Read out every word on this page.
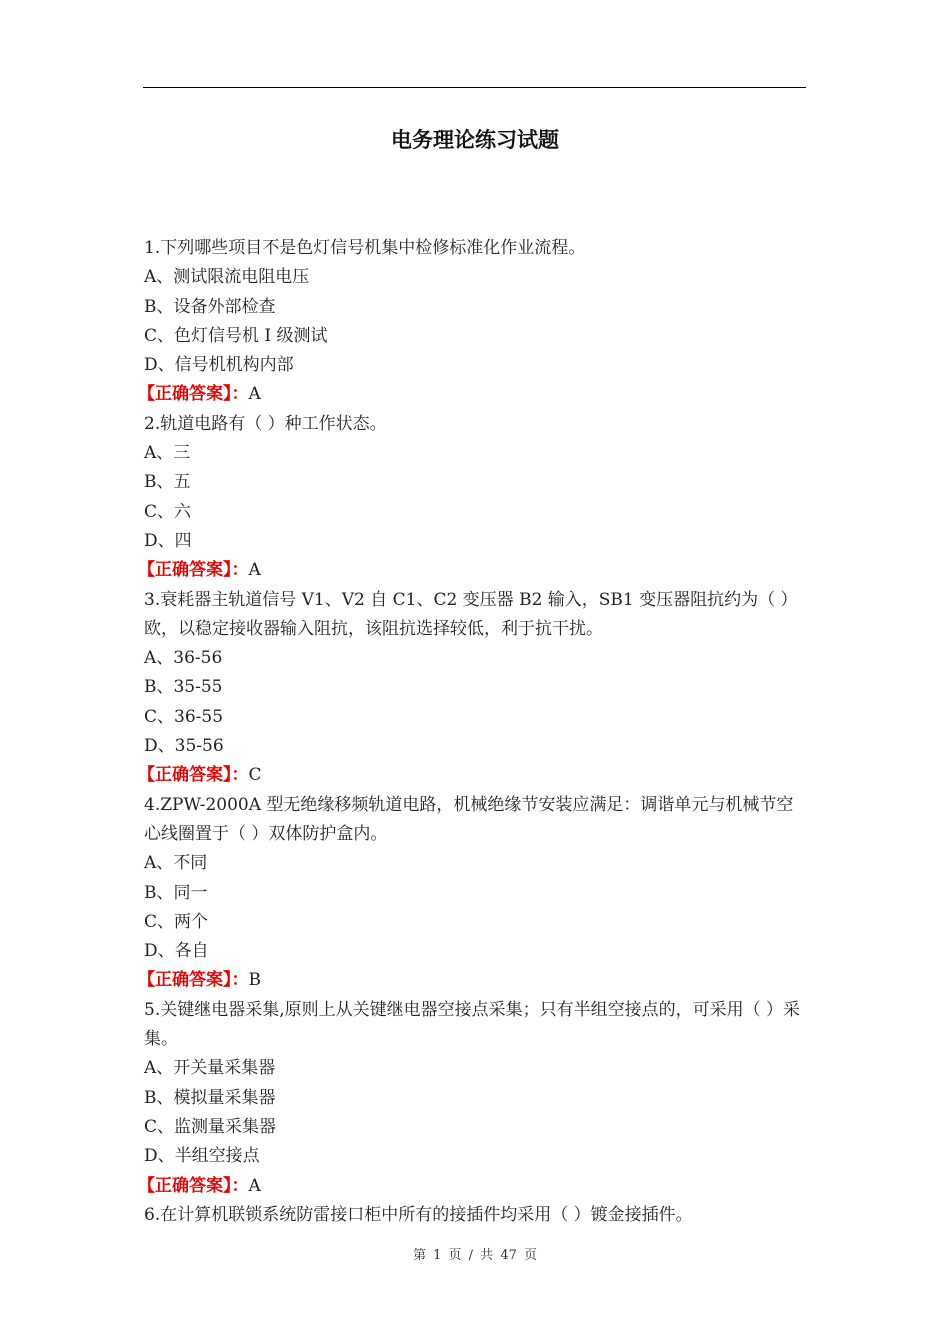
电务理论练习试题
1.下列哪些项目不是色灯信号机集中检修标准化作业流程。
A、测试限流电阻电压
B、设备外部检查
C、色灯信号机 I 级测试
D、信号机机构内部
【正确答案】：A
2.轨道电路有（ ）种工作状态。
A、三
B、五
C、六
D、四
【正确答案】：A
3.衰耗器主轨道信号 V1、V2 自 C1、C2 变压器 B2 输入，SB1 变压器阻抗约为（ ）欧，以稳定接收器输入阻抗，该阻抗选择较低，利于抗干扰。
A、36-56
B、35-55
C、36-55
D、35-56
【正确答案】：C
4.ZPW-2000A 型无绝缘移频轨道电路，机械绝缘节安装应满足：调谐单元与机械节空心线圈置于（ ）双体防护盒内。
A、不同
B、同一
C、两个
D、各自
【正确答案】：B
5.关键继电器采集,原则上从关键继电器空接点采集；只有半组空接点的，可采用（ ）采集。
A、开关量采集器
B、模拟量采集器
C、监测量采集器
D、半组空接点
【正确答案】：A
6.在计算机联锁系统防雷接口柜中所有的接插件均采用（ ）镀金接插件。
第 1 页 / 共 47 页
